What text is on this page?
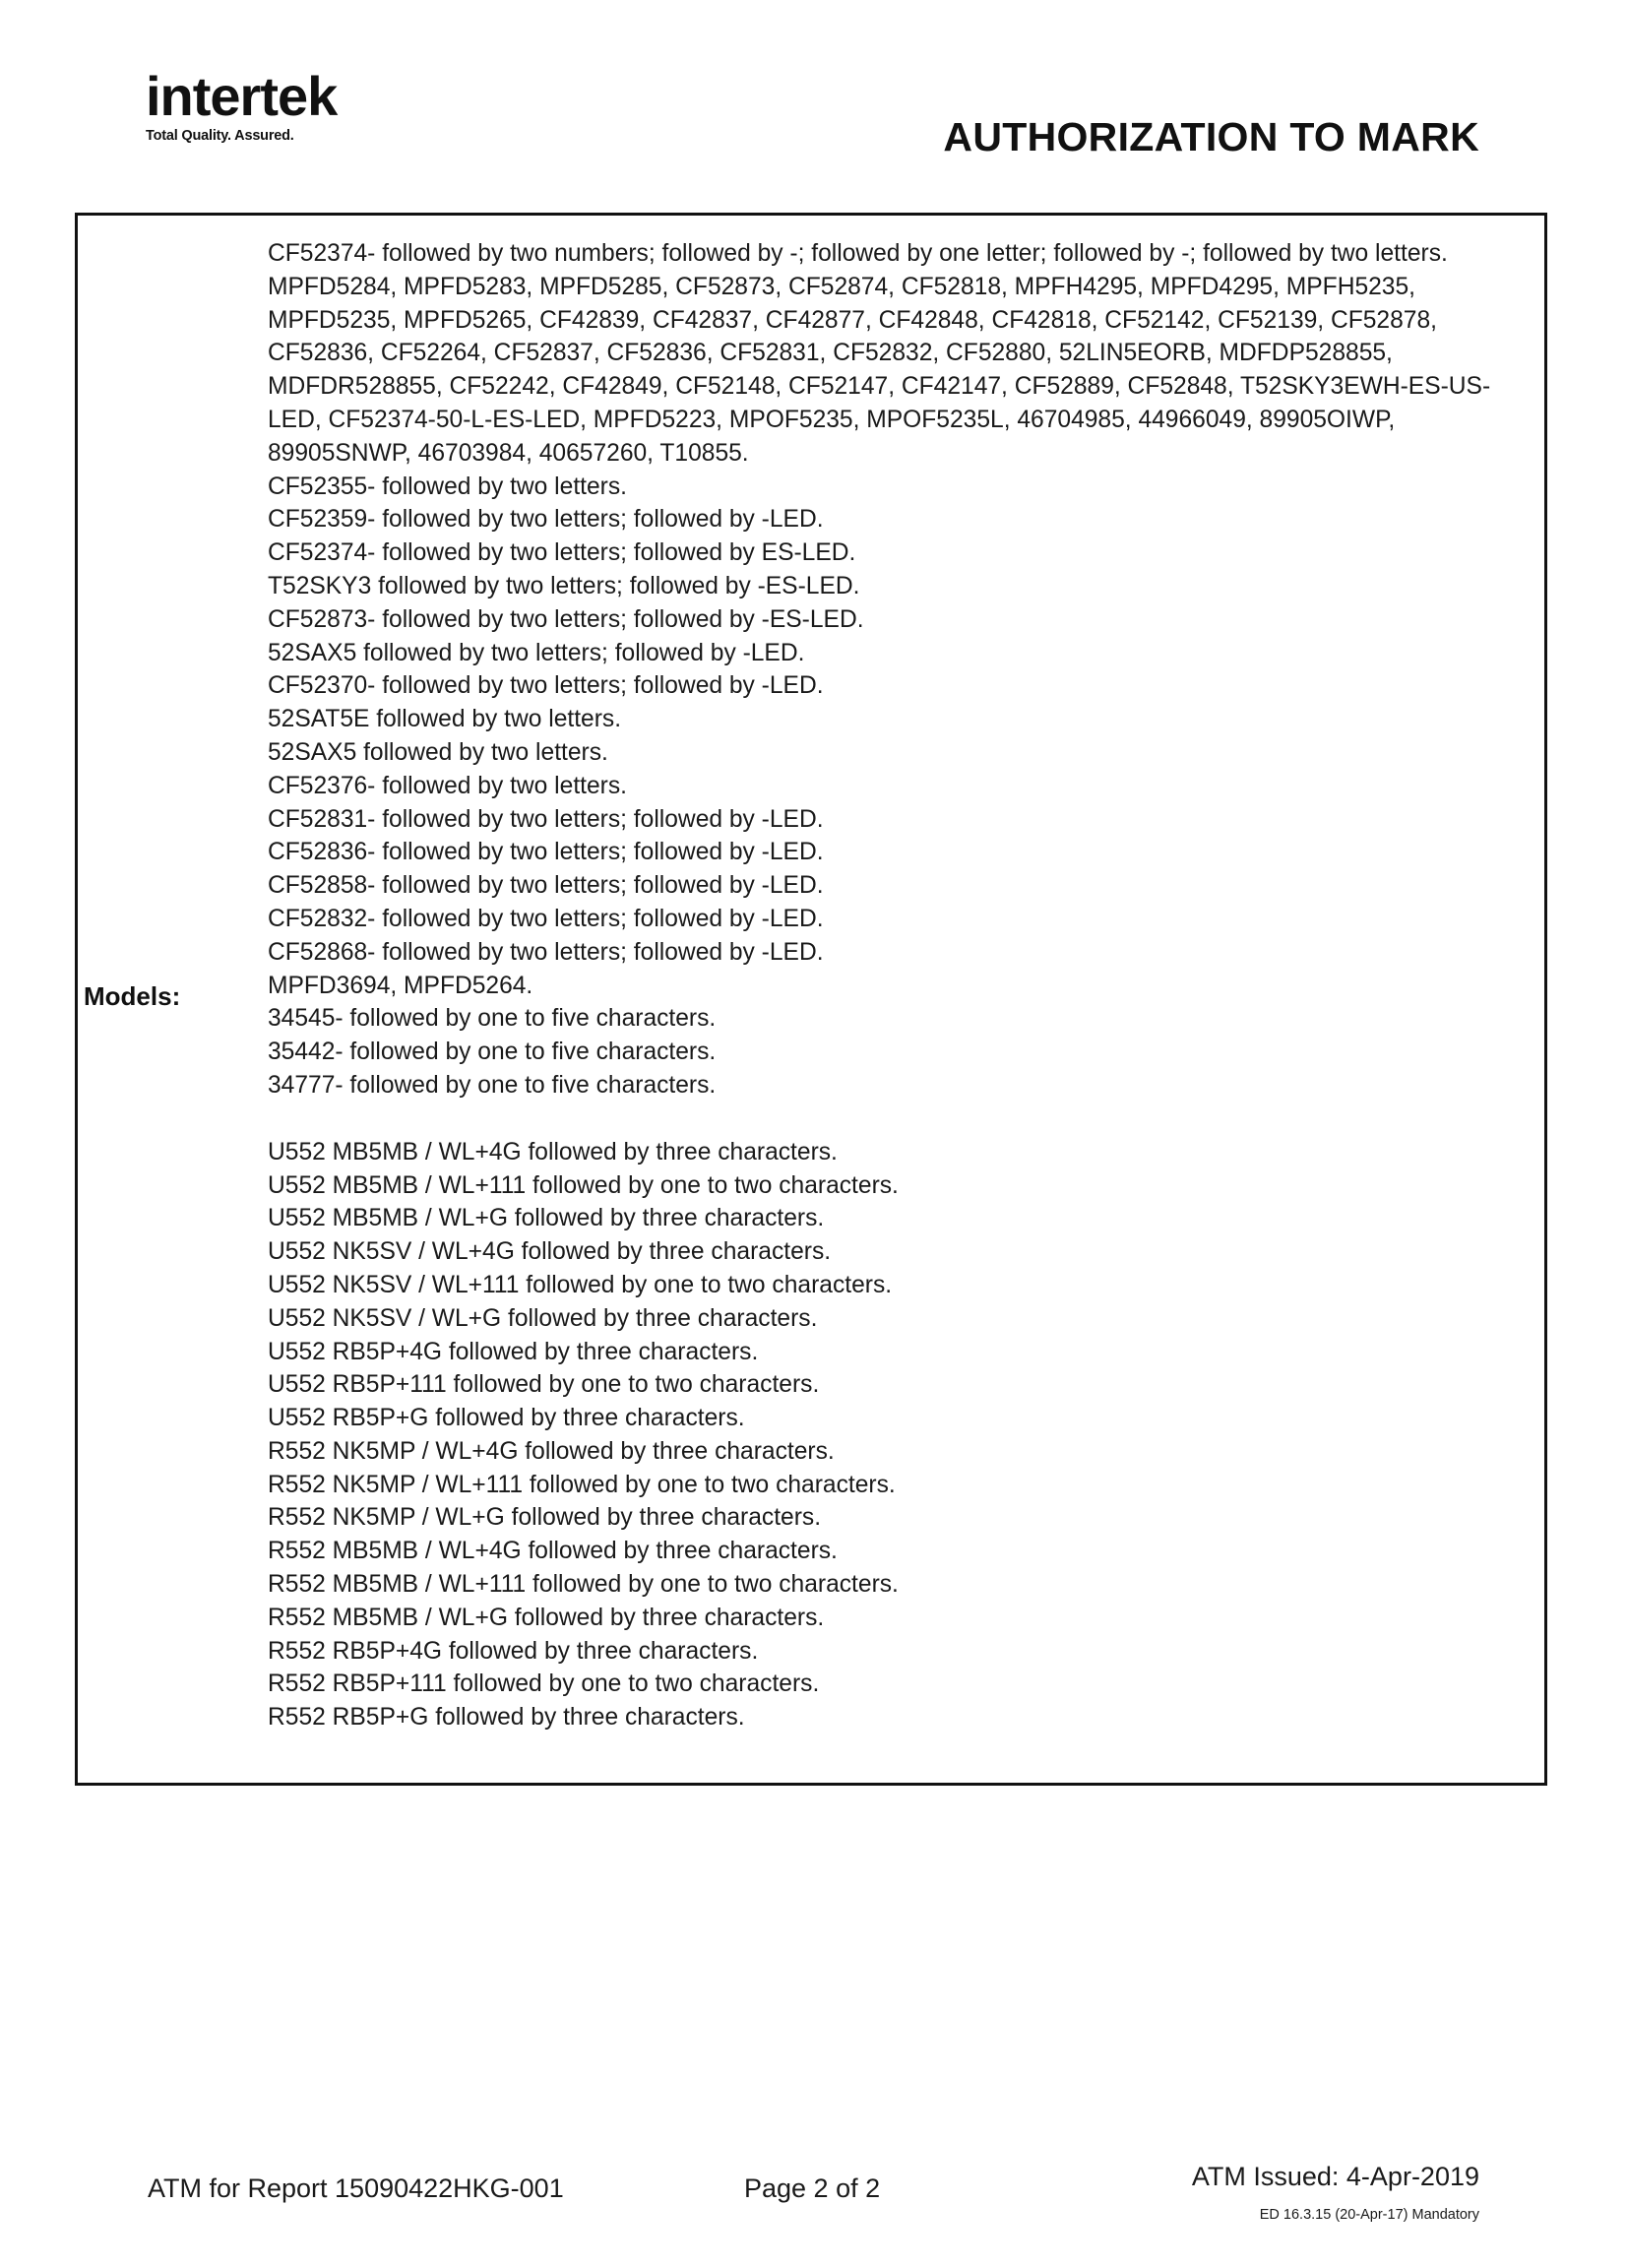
intertek
Total Quality. Assured.	AUTHORIZATION TO MARK
Models:
CF52374- followed by two numbers; followed by -; followed by one letter; followed by -; followed by two letters.
MPFD5284, MPFD5283, MPFD5285, CF52873, CF52874, CF52818, MPFH4295, MPFD4295, MPFH5235, MPFD5235, MPFD5265, CF42839, CF42837, CF42877, CF42848, CF42818, CF52142, CF52139, CF52878, CF52836, CF52264, CF52837, CF52836, CF52831, CF52832, CF52880, 52LIN5EORB, MDFDP528855, MDFDR528855, CF52242, CF42849, CF52148, CF52147, CF42147, CF52889, CF52848, T52SKY3EWH-ES-US-LED, CF52374-50-L-ES-LED, MPFD5223, MPOF5235, MPOF5235L, 46704985, 44966049, 89905OIWP, 89905SNWP, 46703984, 40657260, T10855.
CF52355- followed by two letters.
CF52359- followed by two letters; followed by -LED.
CF52374- followed by two letters; followed by ES-LED.
T52SKY3 followed by two letters; followed by -ES-LED.
CF52873- followed by two letters; followed by -ES-LED.
52SAX5 followed by two letters; followed by -LED.
CF52370- followed by two letters; followed by -LED.
52SAT5E followed by two letters.
52SAX5 followed by two letters.
CF52376- followed by two letters.
CF52831- followed by two letters; followed by -LED.
CF52836- followed by two letters; followed by -LED.
CF52858- followed by two letters; followed by -LED.
CF52832- followed by two letters; followed by -LED.
CF52868- followed by two letters; followed by -LED.
MPFD3694, MPFD5264.
34545- followed by one to five characters.
35442- followed by one to five characters.
34777- followed by one to five characters.
U552 MB5MB / WL+4G followed by three characters.
U552 MB5MB / WL+111 followed by one to two characters.
U552 MB5MB / WL+G followed by three characters.
U552 NK5SV / WL+4G followed by three characters.
U552 NK5SV / WL+111 followed by one to two characters.
U552 NK5SV / WL+G followed by three characters.
U552 RB5P+4G followed by three characters.
U552 RB5P+111 followed by one to two characters.
U552 RB5P+G followed by three characters.
R552 NK5MP / WL+4G followed by three characters.
R552 NK5MP / WL+111 followed by one to two characters.
R552 NK5MP / WL+G followed by three characters.
R552 MB5MB / WL+4G followed by three characters.
R552 MB5MB / WL+111 followed by one to two characters.
R552 MB5MB / WL+G followed by three characters.
R552 RB5P+4G followed by three characters.
R552 RB5P+111 followed by one to two characters.
R552 RB5P+G followed by three characters.
ATM for Report 15090422HKG-001	Page 2 of 2	ATM Issued: 4-Apr-2019
ED 16.3.15 (20-Apr-17) Mandatory
